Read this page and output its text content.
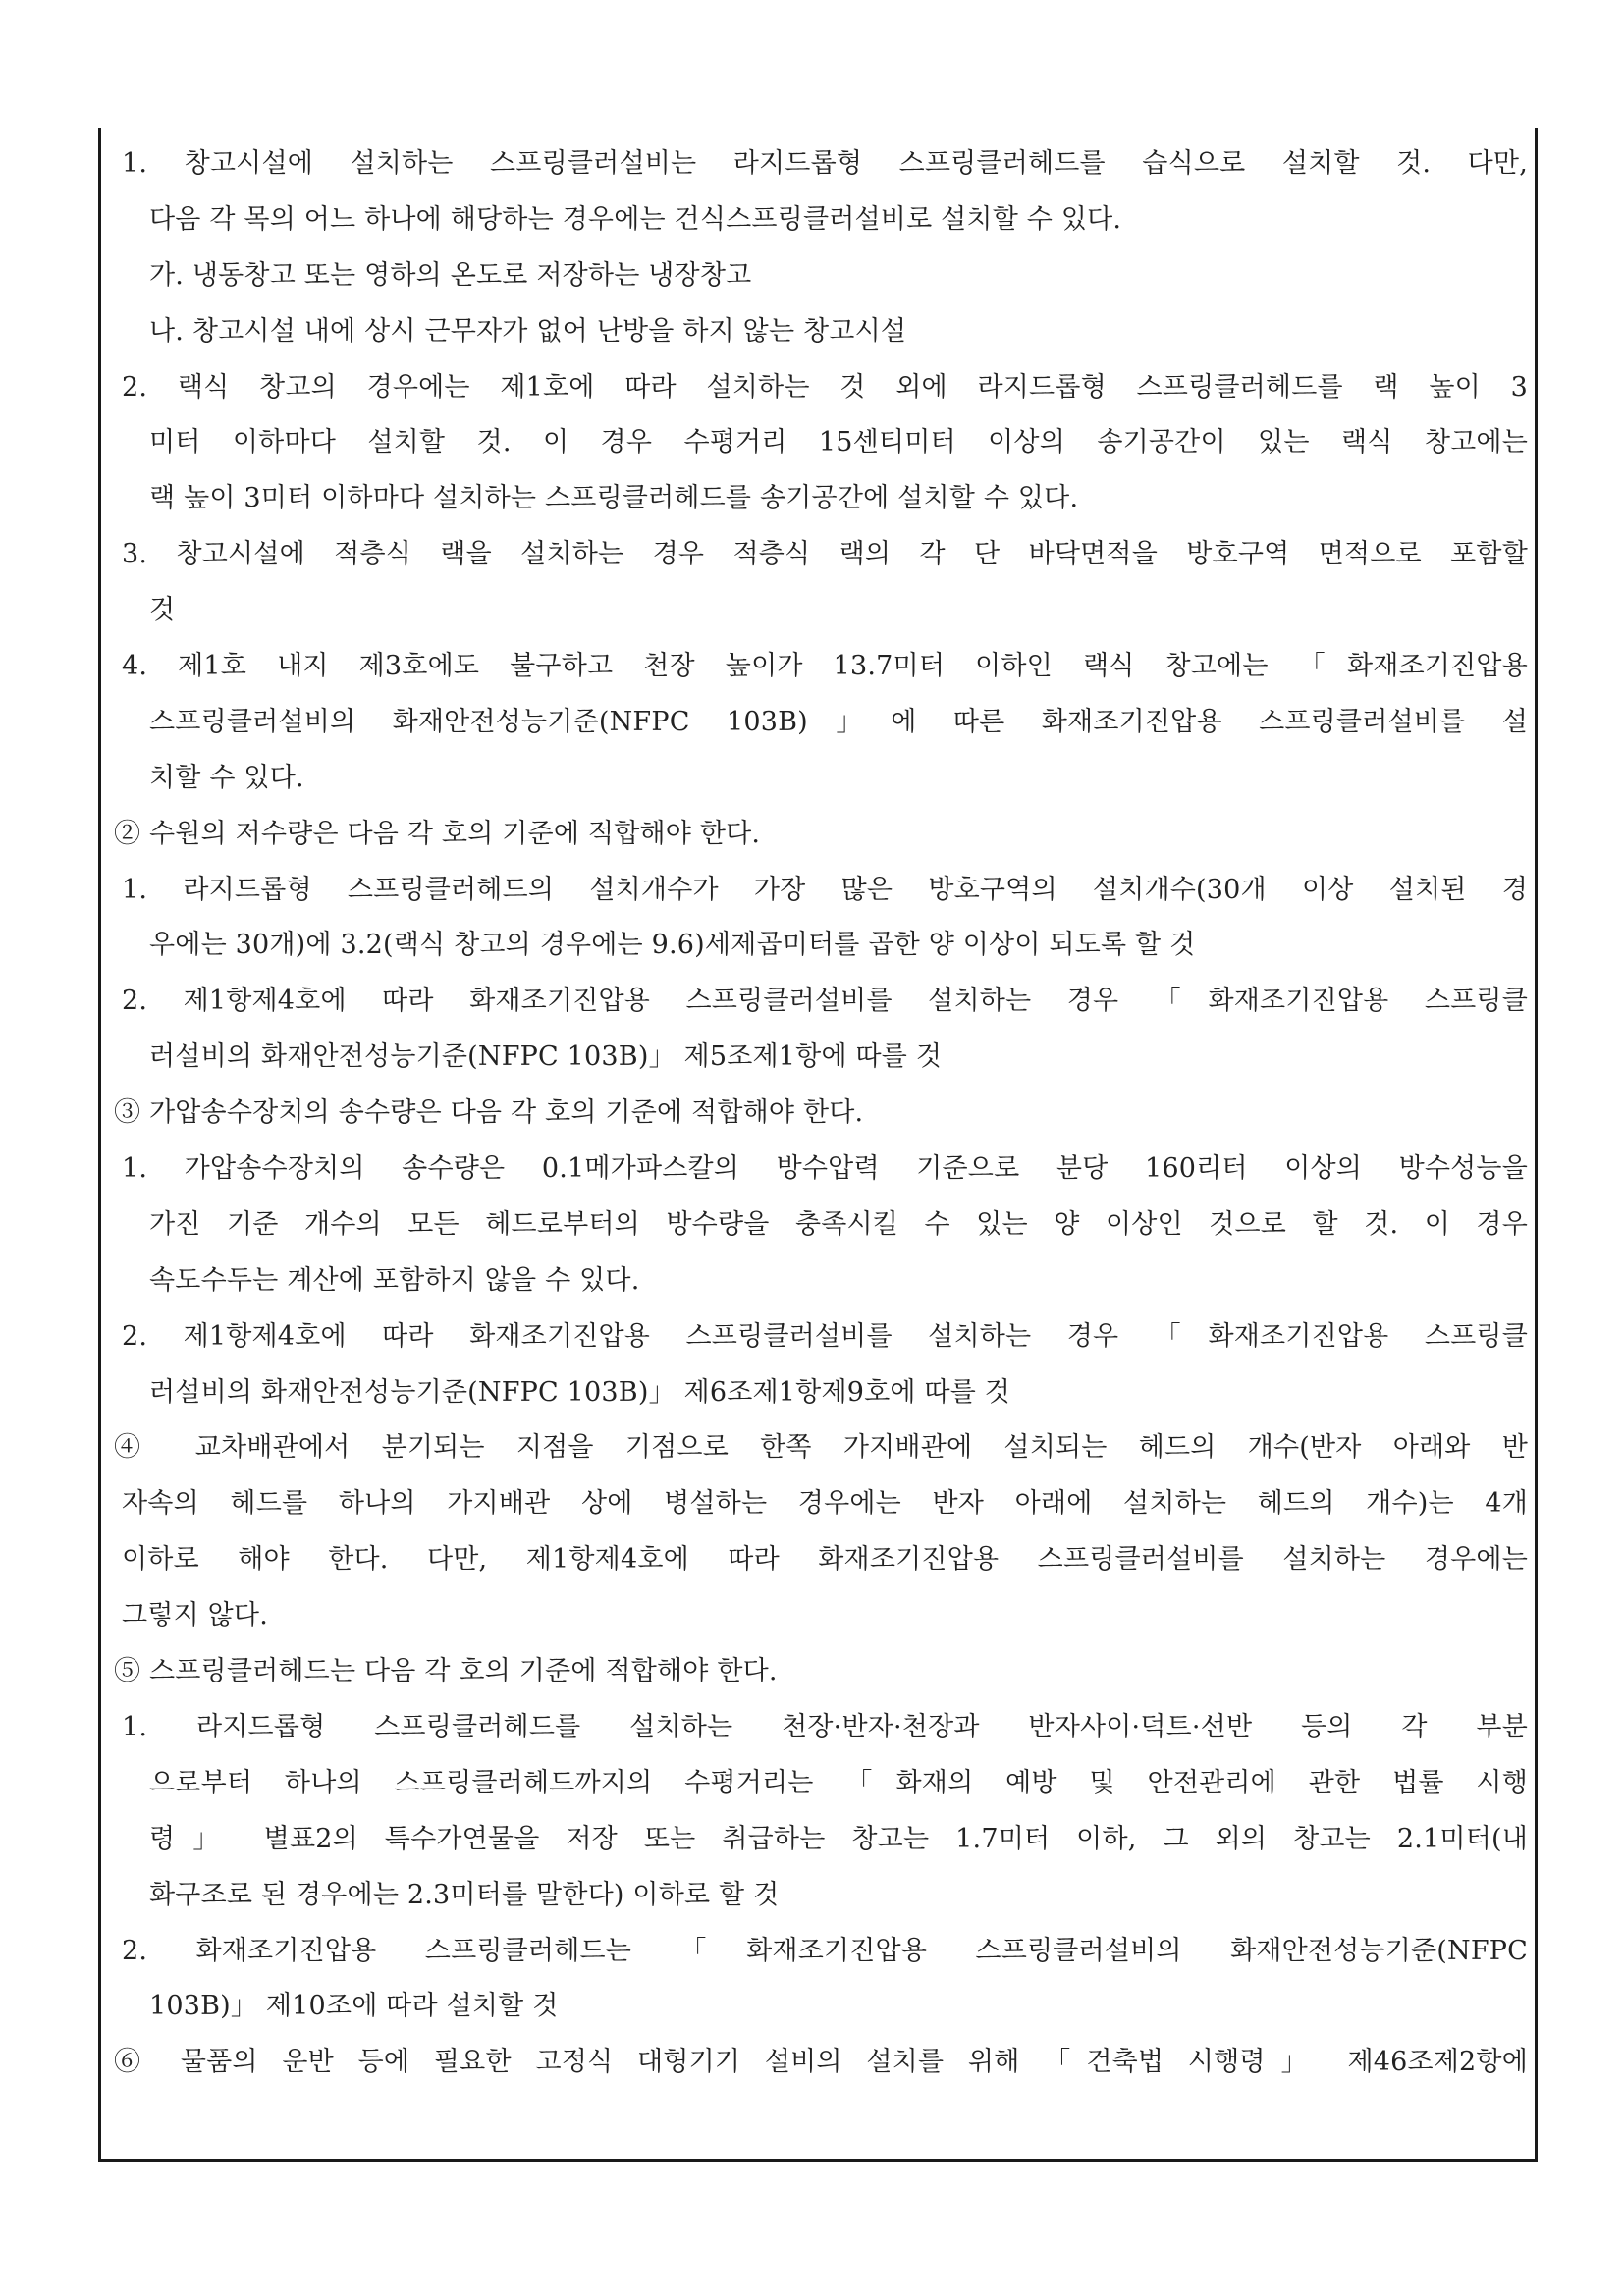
1. 창고시설에 설치하는 스프링클러설비는 라지드롭형 스프링클러헤드를 습식으로 설치할 것. 다만,
다음 각 목의 어느 하나에 해당하는 경우에는 건식스프링클러설비로 설치할 수 있다.
가. 냉동창고 또는 영하의 온도로 저장하는 냉장창고
나. 창고시설 내에 상시 근무자가 없어 난방을 하지 않는 창고시설
2. 랙식 창고의 경우에는 제1호에 따라 설치하는 것 외에 라지드롭형 스프링클러헤드를 랙 높이 3
미터 이하마다 설치할 것. 이 경우 수평거리 15센티미터 이상의 송기공간이 있는 랙식 창고에는
랙 높이 3미터 이하마다 설치하는 스프링클러헤드를 송기공간에 설치할 수 있다.
3. 창고시설에 적층식 랙을 설치하는 경우 적층식 랙의 각 단 바닥면적을 방호구역 면적으로 포함할
것
4. 제1호 내지 제3호에도 불구하고 천장 높이가 13.7미터 이하인 랙식 창고에는 「화재조기진압용
스프링클러설비의 화재안전성능기준(NFPC 103B)」에 따른 화재조기진압용 스프링클러설비를 설
치할 수 있다.
② 수원의 저수량은 다음 각 호의 기준에 적합해야 한다.
1. 라지드롭형 스프링클러헤드의 설치개수가 가장 많은 방호구역의 설치개수(30개 이상 설치된 경
우에는 30개)에 3.2(랙식 창고의 경우에는 9.6)세제곱미터를 곱한 양 이상이 되도록 할 것
2. 제1항제4호에 따라 화재조기진압용 스프링클러설비를 설치하는 경우 「화재조기진압용 스프링클
러설비의 화재안전성능기준(NFPC 103B)」 제5조제1항에 따를 것
③ 가압송수장치의 송수량은 다음 각 호의 기준에 적합해야 한다.
1. 가압송수장치의 송수량은 0.1메가파스칼의 방수압력 기준으로 분당 160리터 이상의 방수성능을
가진 기준 개수의 모든 헤드로부터의 방수량을 충족시킬 수 있는 양 이상인 것으로 할 것. 이 경우
속도수두는 계산에 포함하지 않을 수 있다.
2. 제1항제4호에 따라 화재조기진압용 스프링클러설비를 설치하는 경우 「화재조기진압용 스프링클
러설비의 화재안전성능기준(NFPC 103B)」 제6조제1항제9호에 따를 것
④ 교차배관에서 분기되는 지점을 기점으로 한쪽 가지배관에 설치되는 헤드의 개수(반자 아래와 반
자속의 헤드를 하나의 가지배관 상에 병설하는 경우에는 반자 아래에 설치하는 헤드의 개수)는 4개
이하로 해야 한다. 다만, 제1항제4호에 따라 화재조기진압용 스프링클러설비를 설치하는 경우에는
그렇지 않다.
⑤ 스프링클러헤드는 다음 각 호의 기준에 적합해야 한다.
1. 라지드롭형 스프링클러헤드를 설치하는 천장·반자·천장과 반자사이·덕트·선반 등의 각 부분
으로부터 하나의 스프링클러헤드까지의 수평거리는 「화재의 예방 및 안전관리에 관한 법률 시행
령」 별표2의 특수가연물을 저장 또는 취급하는 창고는 1.7미터 이하, 그 외의 창고는 2.1미터(내
화구조로 된 경우에는 2.3미터를 말한다) 이하로 할 것
2. 화재조기진압용 스프링클러헤드는 「화재조기진압용 스프링클러설비의 화재안전성능기준(NFPC
103B)」 제10조에 따라 설치할 것
⑥ 물품의 운반 등에 필요한 고정식 대형기기 설비의 설치를 위해 「건축법 시행령」 제46조제2항에
